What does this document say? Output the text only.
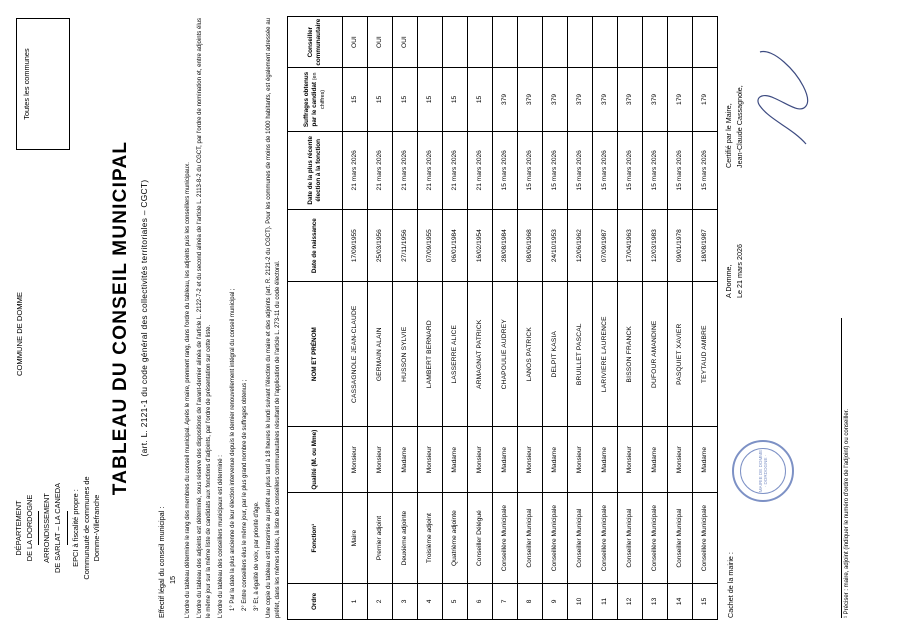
DÉPARTEMENT DE LA DORDOGNE ARRONDISSEMENT DE SARLAT – LA CANEDA EPCI à fiscalité propre : Communauté de communes de Domme-Villefranche
COMMUNE DE DOMME
Toutes les communes
TABLEAU DU CONSEIL MUNICIPAL (art. L. 2121-1 du code général des collectivités territoriales – CGCT)
Effectif légal du conseil municipal : 15 L'ordre du tableau détermine le rang des membres du conseil municipal. Après le maire, prennent rang, dans l'ordre du tableau, les adjoints puis les conseillers municipaux.	L'ordre du tableau des adjoints est déterminé, sous réserve des dispositions de l'avant-dernier alinéa de l'article L. 2122-7-2 et du second alinéa de l'article L. 2113-8-2 du CGCT, par l'ordre de nomination et, entre adjoints élus le même jour sur la même liste de candidats aux fonctions d'adjoints, par l'ordre de présentation sur cette liste.	L'ordre du tableau des conseillers municipaux est déterminé :	1° Par la date la plus ancienne de leur élection intervenue depuis le dernier renouvellement intégral du conseil municipal ;	2° Entre conseillers élus le même jour, par le plus grand nombre de suffrages obtenus ;	3° Et, à égalité de voix, par priorité d'âge.	Une copie du tableau est transmise au préfet au plus tard à 18 heures le lundi suivant l'élection du maire et des adjoints (art. R. 2121-2 du CGCT). Pour les communes de moins de 1000 habitants, est également adressée au préfet, dans les mêmes délais, la liste des conseillers communautaires résultant de l'application de l'article L. 273-11 du code électoral.	Ordre	Fonction¹	Qualité (M. ou Mme)	NOM ET PRÉNOM	Date de naissance	Date de la plus récente élection à la fonction	Suffrages obtenus par le candidat (en chiffres)	Conseiller communautaire
1	Maire	Monsieur	CASSAGNOLE JEAN-CLAUDE	17/09/1955	21 mars 2026	15	OUI
2	Premier adjoint	Monsieur	GERMAIN ALAIN	25/03/1956	21 mars 2026	15	OUI
3	Deuxième adjointe	Madame	HUSSON SYLVIE	27/11/1956	21 mars 2026	15	OUI
4	Troisième adjoint	Monsieur	LAMBERT BERNARD	07/09/1955	21 mars 2026	15	
5	Quatrième adjointe	Madame	LASSERRE ALICE	06/01/1984	21 mars 2026	15	
6	Conseiller Délégué	Monsieur	ARMAGNAT PATRICK	16/02/1954	21 mars 2026	15	
7	Conseillère Municipale	Madame	CHAPOULIE AUDREY	28/08/1984	15 mars 2026	379	
8	Conseiller Municipal	Monsieur	LANOS PATRICK	08/06/1968	15 mars 2026	379	
9	Conseillère Municipale	Madame	DELPIT KASIA	24/10/1953	15 mars 2026	379	
10	Conseiller Municipal	Monsieur	BRUILLET PASCAL	12/06/1962	15 mars 2026	379	
11	Conseillère Municipale	Madame	LARIVIERE LAURENCE	07/09/1987	15 mars 2026	379	
12	Conseiller Municipal	Monsieur	BISSON FRANCK	17/04/1963	15 mars 2026	379	
13	Conseillère Municipale	Madame	DUFOUR AMANDINE	12/03/1983	15 mars 2026	379	
14	Conseiller Municipal	Monsieur	PASQUIET XAVIER	09/01/1978	15 mars 2026	179	
15	Conseillère Municipale	Madame	TEYTAUD AMBRE	18/08/1987	15 mars 2026	179	
Cachet de la mairie :
MAIRIE DE DOMME · DORDOGNE ·
A Domme, Le 21 mars 2026
Certifié par le Maire, Jean-Claude Cassagnole,
¹ Préciser : maire, adjoint (indiquer le numéro d'ordre de l'adjoint) ou conseiller.
